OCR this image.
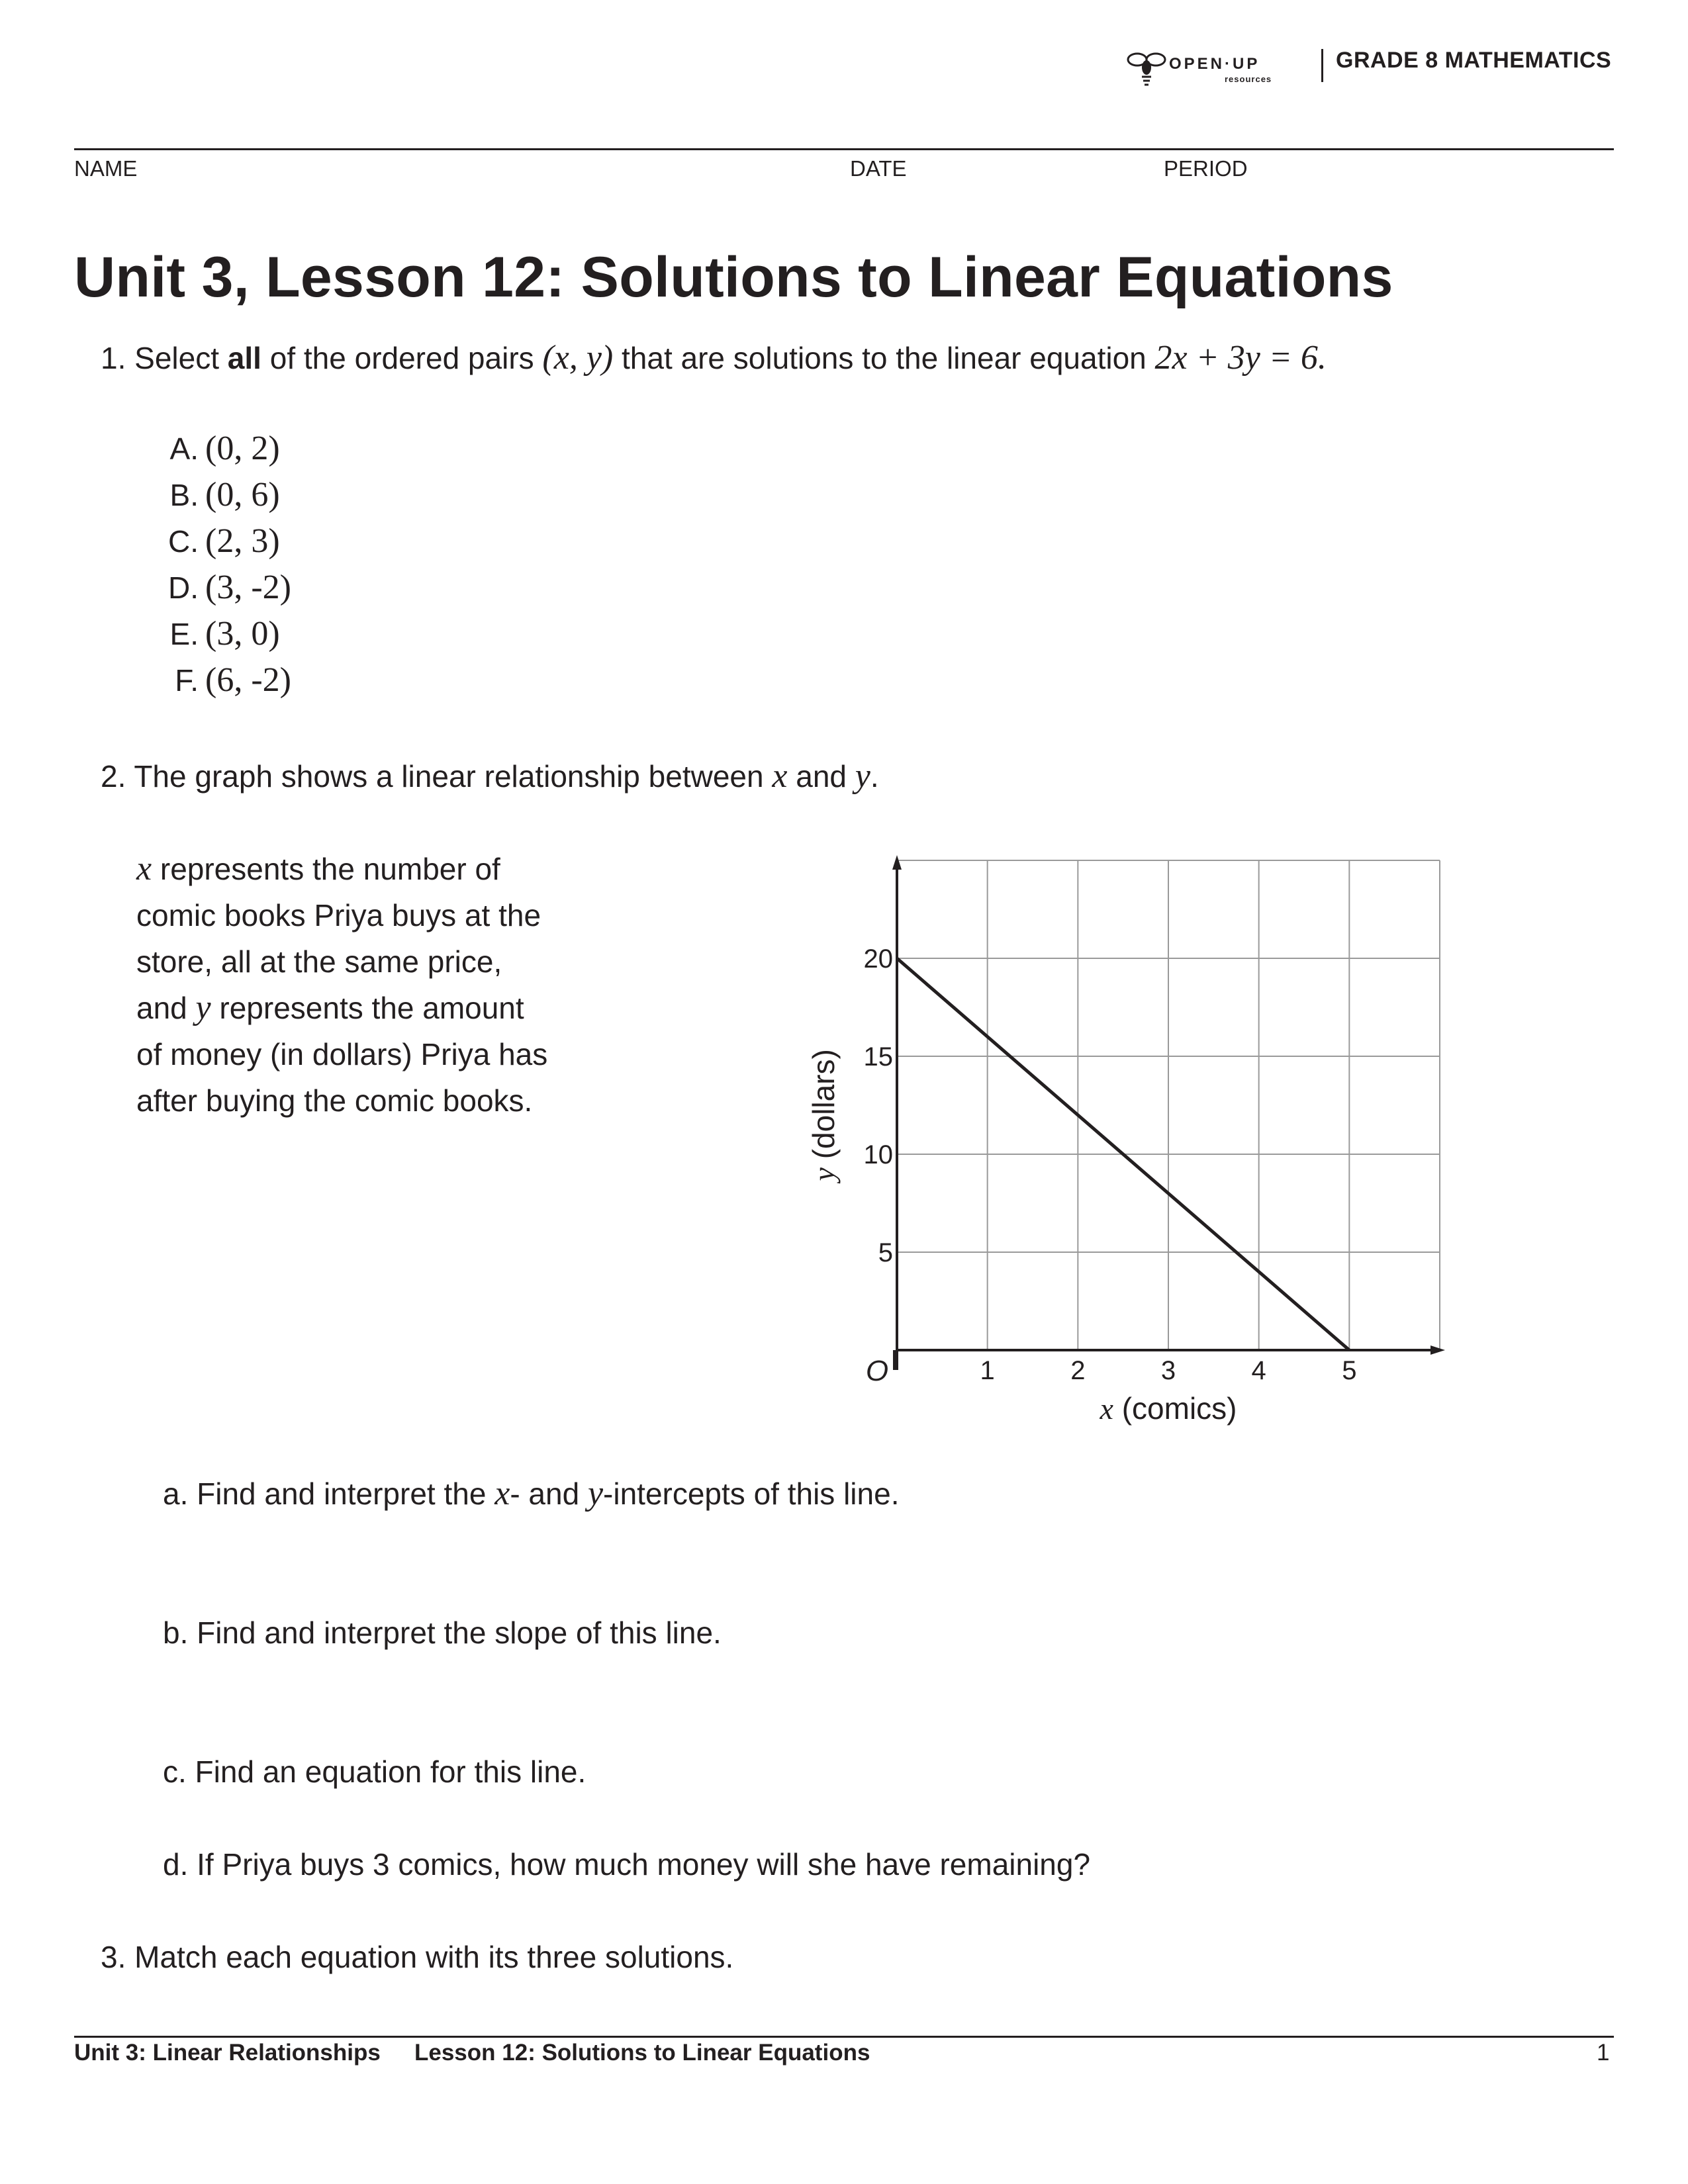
OPEN·UP
resources
GRADE 8 MATHEMATICS
NAME	DATE	PERIOD
Unit 3, Lesson 12: Solutions to Linear Equations
1. Select all of the ordered pairs (x, y) that are solutions to the linear equation 2x + 3y = 6.
A. (0, 2)
B. (0, 6)
C. (2, 3)
D. (3, -2)
E. (3, 0)
F. (6, -2)
2. The graph shows a linear relationship between x and y.
x represents the number of
comic books Priya buys at the
store, all at the same price,
and y represents the amount
of money (in dollars) Priya has
after buying the comic books.
1	2	3	4	5
5
10
15
20
x (comics)
y (dollars)
O
a. Find and interpret the x- and y-intercepts of this line.
b. Find and interpret the slope of this line.
c. Find an equation for this line.
d. If Priya buys 3 comics, how much money will she have remaining?
3. Match each equation with its three solutions.
Unit 3: Linear Relationships Lesson 12: Solutions to Linear Equations	1
